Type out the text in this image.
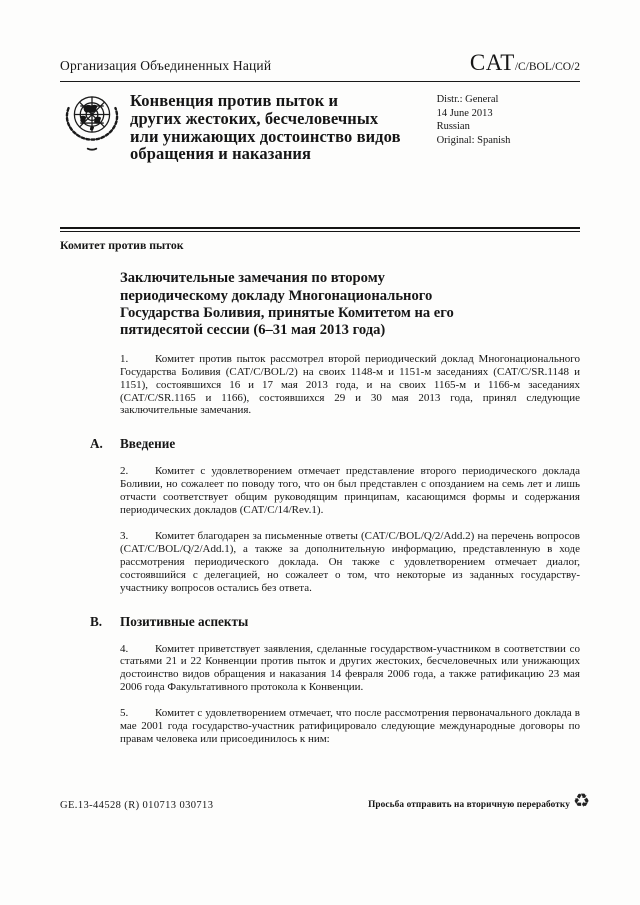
Организация Объединенных Наций	CAT/C/BOL/CO/2
Конвенция против пыток и
других жестоких, бесчеловечных
или унижающих достоинство видов
обращения и наказания
Distr.: General
14 June 2013
Russian
Original: Spanish
Комитет против пыток
Заключительные замечания по второму
периодическому докладу Многонационального
Государства Боливия, принятые Комитетом на его
пятидесятой сессии (6–31 мая 2013 года)

1. Комитет против пыток рассмотрел второй периодический доклад Многонационального Государства Боливия (CAT/C/BOL/2) на своих 1148-м и 1151-м заседаниях (CAT/C/SR.1148 и 1151), состоявшихся 16 и 17 мая 2013 года, и на своих 1165-м и 1166-м заседаниях (CAT/C/SR.1165 и 1166), состоявшихся 29 и 30 мая 2013 года, принял следующие заключительные замечания.

A.	Введение

2. Комитет с удовлетворением отмечает представление второго периодического доклада Боливии, но сожалеет по поводу того, что он был представлен с опозданием на семь лет и лишь отчасти соответствует общим руководящим принципам, касающимся формы и содержания периодических докладов (CAT/C/14/Rev.1).

3. Комитет благодарен за письменные ответы (CAT/C/BOL/Q/2/Add.2) на перечень вопросов (CAT/C/BOL/Q/2/Add.1), а также за дополнительную информацию, представленную в ходе рассмотрения периодического доклада. Он также с удовлетворением отмечает диалог, состоявшийся с делегацией, но сожалеет о том, что некоторые из заданных государству-участнику вопросов остались без ответа.

B.	Позитивные аспекты

4. Комитет приветствует заявления, сделанные государством-участником в соответствии со статьями 21 и 22 Конвенции против пыток и других жестоких, бесчеловечных или унижающих достоинство видов обращения и наказания 14 февраля 2006 года, а также ратификацию 23 мая 2006 года Факультативного протокола к Конвенции.

5. Комитет с удовлетворением отмечает, что после рассмотрения первоначального доклада в мае 2001 года государство-участник ратифицировало следующие международные договоры по правам человека или присоединилось к ним:

GE.13-44528 (R) 010713 030713	Просьба отправить на вторичную переработку ♻
